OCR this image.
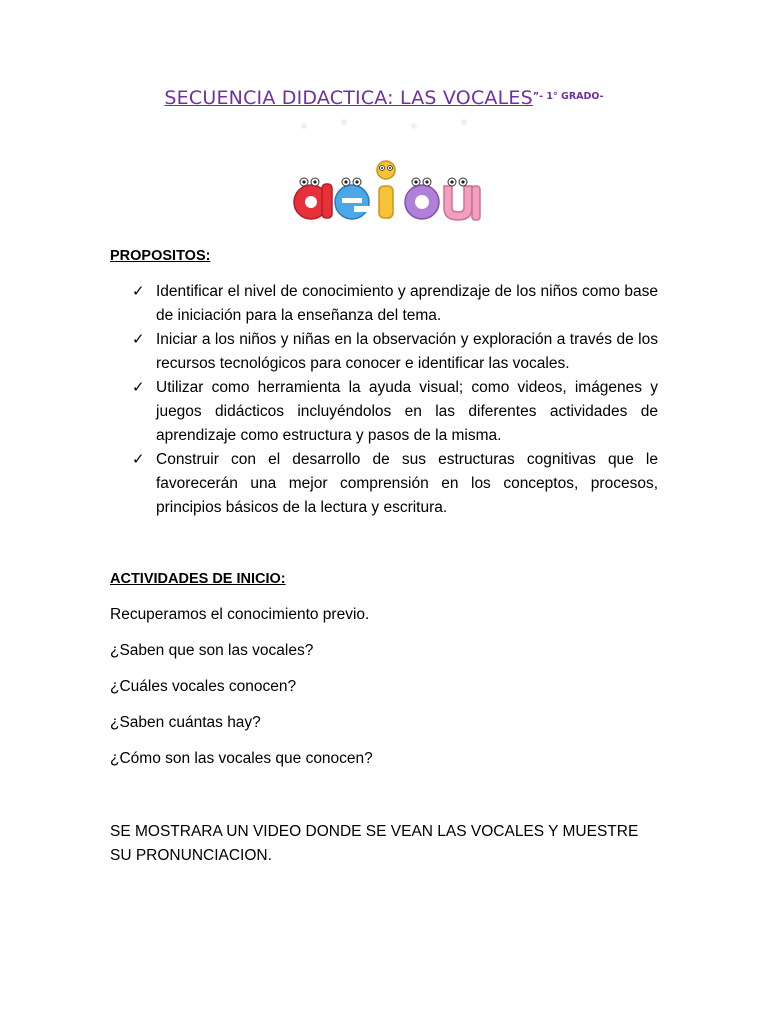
SECUENCIA DIDACTICA: LAS $VOCALES^{”- 1^\circ GRADO-}$
PROPOSITOS:
✓ Identificar el nivel de conocimiento y aprendizaje de los niños como base de iniciación para la enseñanza del tema.
✓ Iniciar a los niños y niñas en la observación y exploración a través de los recursos tecnológicos para conocer e identificar las vocales.
✓ Utilizar como herramienta la ayuda visual; como videos, imágenes y juegos didácticos incluyéndolos en las diferentes actividades de aprendizaje como estructura y pasos de la misma.
✓ Construir con el desarrollo de sus estructuras cognitivas que le favorecerán una mejor comprensión en los conceptos, procesos, principios básicos de la lectura y escritura.
ACTIVIDADES DE INICIO:
Recuperamos el conocimiento previo.
¿Saben que son las vocales?
¿Cuáles vocales conocen?
¿Saben cuántas hay?
¿Cómo son las vocales que conocen?
SE MOSTRARA UN VIDEO DONDE SE VEAN LAS VOCALES Y MUESTRE SU PRONUNCIACION.
